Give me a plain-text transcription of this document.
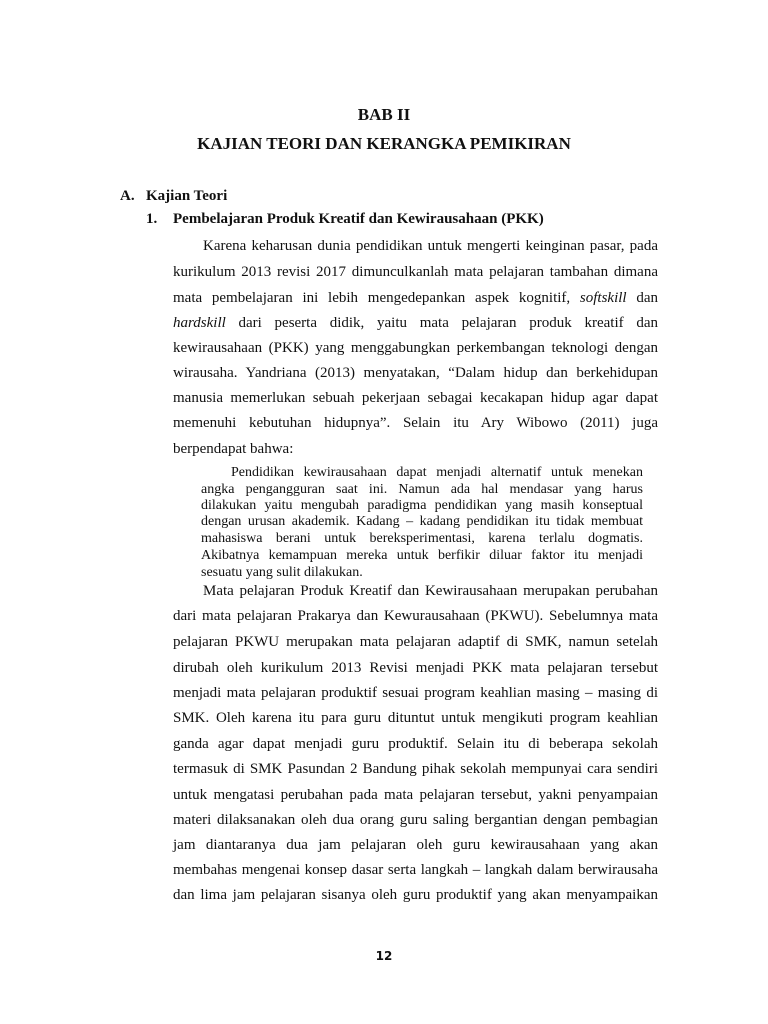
BAB II
KAJIAN TEORI DAN KERANGKA PEMIKIRAN
A. Kajian Teori
1. Pembelajaran Produk Kreatif dan Kewirausahaan (PKK)
Karena keharusan dunia pendidikan untuk mengerti keinginan pasar, pada
kurikulum 2013 revisi 2017 dimunculkanlah mata pelajaran tambahan dimana
mata pembelajaran ini lebih mengedepankan aspek kognitif, softskill dan
hardskill dari peserta didik, yaitu mata pelajaran produk kreatif dan
kewirausahaan (PKK) yang menggabungkan perkembangan teknologi dengan
wirausaha. Yandriana (2013) menyatakan, “Dalam hidup dan berkehidupan
manusia memerlukan sebuah pekerjaan sebagai kecakapan hidup agar dapat
memenuhi kebutuhan hidupnya”. Selain itu Ary Wibowo (2011) juga
berpendapat bahwa:
Pendidikan kewirausahaan dapat menjadi alternatif untuk menekan
angka pengangguran saat ini. Namun ada hal mendasar yang harus
dilakukan yaitu mengubah paradigma pendidikan yang masih konseptual
dengan urusan akademik. Kadang – kadang pendidikan itu tidak membuat
mahasiswa berani untuk bereksperimentasi, karena terlalu dogmatis.
Akibatnya kemampuan mereka untuk berfikir diluar faktor itu menjadi
sesuatu yang sulit dilakukan.
Mata pelajaran Produk Kreatif dan Kewirausahaan merupakan perubahan
dari mata pelajaran Prakarya dan Kewurausahaan (PKWU). Sebelumnya mata
pelajaran PKWU merupakan mata pelajaran adaptif di SMK, namun setelah
dirubah oleh kurikulum 2013 Revisi menjadi PKK mata pelajaran tersebut
menjadi mata pelajaran produktif sesuai program keahlian masing – masing di
SMK. Oleh karena itu para guru dituntut untuk mengikuti program keahlian
ganda agar dapat menjadi guru produktif. Selain itu di beberapa sekolah
termasuk di SMK Pasundan 2 Bandung pihak sekolah mempunyai cara sendiri
untuk mengatasi perubahan pada mata pelajaran tersebut, yakni penyampaian
materi dilaksanakan oleh dua orang guru saling bergantian dengan pembagian
jam diantaranya dua jam pelajaran oleh guru kewirausahaan yang akan
membahas mengenai konsep dasar serta langkah – langkah dalam berwirausaha
dan lima jam pelajaran sisanya oleh guru produktif yang akan menyampaikan
12
